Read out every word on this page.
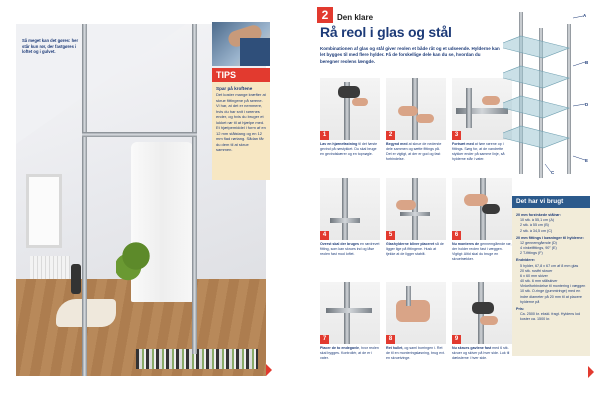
Så meget kan det gøres: her står kun rør, der fastgøres i loftet og i gulvet.
TIPS
Spar på kroftene
Det koster mange kræfter at skrue fittingene på rørene. Vi har, at det er nemmere, hvis du har snit i rørenes ender, og hvis du bruger et lukket rør til at hjælpe med. Et hjælpemiddel i form af en 12 mm stålstang og en 12 mm flad rørtang. Sådan får du dem til at skrue sammen.
2	Den klare
Rå reol i glas og stål
Kombinationen af glas og stål giver reolen et både råt og et udseende. Hylderne kan let bygges til med flere hylder. Få de forskellige dele kan du se, hvordan du beregner reolens længde.
1
Lav en hjørnefastning til det første gevind på rørstykket. Du skal bruge en gevindskærer og en topnøgle.
2
Begynd med at skrue de nederste dele sammen og sætte fittings på. Det er vigtigt, at der er god og fast forbindelse.
3
Fortsæt med at føre rørene op i fittings. Sørg for, at de vandrette stykker ender på samme linje, så hylderne står i vater.
4
Overst skal der bruges en rørdrevet fitting, som kan skrues ind og låse reolen fast mod loftet.
5
Glashylderne bliver placeret så de ligger lige på fittingene. Husk at tjekke at de ligger stabilt.
6
Nu monteres de gennemgående rør, der holder reolen fast i væggen. Vigtigt: Altid skal du bruge en skruetrækker.
7
Placer de to endegavle, hvor reolen skal bygges. Kontrollér, at de er i vater.
8
Ret hullet, og saml borringen i. Ret de til en monteringsløsning, brug evt. en skruetvinge.
9
Nu skrues gavlene fast med 6 stk. skruer og skiver på hver side. Luk til dækslerne i hver side.
A
B
D
C
E
Det har vi brugt
20 mm forzinkede stålrør:
10 stk. à 55,1 cm (A)
2 stk. à 55 cm (B)
2 stk. à 34,5 cm (C)
20 mm fittings i bøsninger til hylderne:
12 gennemgående (D)
4 vinkelfittings, 90° (E)
2 T-fittings (F)
Endvidere:
5 hylder, 67,8 x 67 cm af 8 mm glas
20 stk. rustfri skruer
6 x 60 mm skiver
40 stk. 6 mm stålskiver
Vinkelforbindelse til montering i væggen
10 stk. O-ringe (gummiringe) med en indre diameter på 20 mm til at placere hylderne på
Pris:
Ca. 2500 kr. ekskl. fragt. Hyldens lod koster ca. 1500 kr.
